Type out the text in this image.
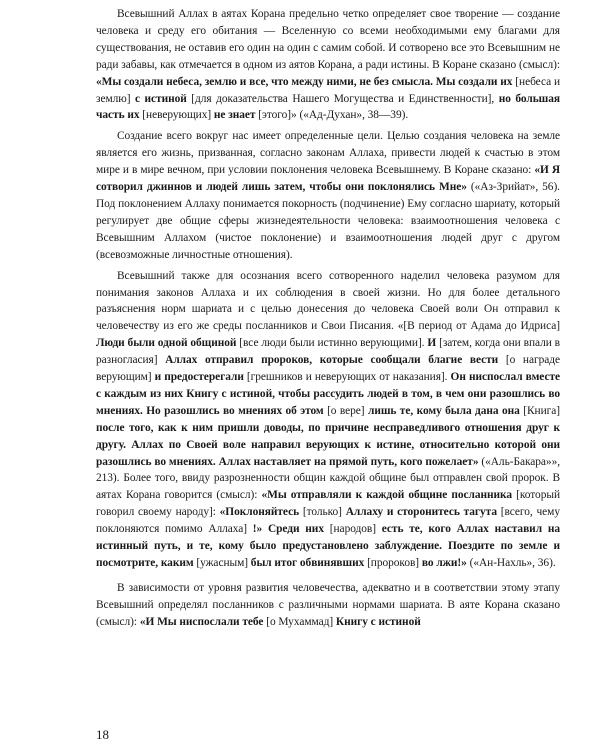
Всевышний Аллах в аятах Корана предельно четко определяет свое творение — создание человека и среду его обитания — Вселенную со всеми необходимыми ему благами для существования, не оставив его один на один с самим собой. И сотворено все это Всевышним не ради забавы, как отмечается в одном из аятов Корана, а ради истины. В Коране сказано (смысл): «Мы создали небеса, землю и все, что между ними, не без смысла. Мы создали их [небеса и землю] с истиной [для доказательства Нашего Могущества и Единственности], но большая часть их [неверующих] не знает [этого]» («Ад-Духан», 38—39).

Создание всего вокруг нас имеет определенные цели. Целью создания человека на земле является его жизнь, призванная, согласно законам Аллаха, привести людей к счастью в этом мире и в мире вечном, при условии поклонения человека Всевышнему. В Коране сказано: «И Я сотворил джиннов и людей лишь затем, чтобы они поклонялись Мне» («Аз-Зрийат», 56). Под поклонением Аллаху понимается покорность (подчинение) Ему согласно шариату, который регулирует две общие сферы жизнедеятельности человека: взаимоотношения человека с Всевышним Аллахом (чистое поклонение) и взаимоотношения людей друг с другом (всевозможные личностные отношения).

Всевышний также для осознания всего сотворенного наделил человека разумом для понимания законов Аллаха и их соблюдения в своей жизни. Но для более детального разъяснения норм шариата и с целью донесения до человека Своей воли Он отправил к человечеству из его же среды посланников и Свои Писания. «[В период от Адама до Идриса] Люди были одной общиной [все люди были истинно верующими]. И [затем, когда они впали в разногласия] Аллах отправил пророков, которые сообщали благие вести [о награде верующим] и предостерегали [грешников и неверующих от наказания]. Он ниспослал вместе с каждым из них Книгу с истиной, чтобы рассудить людей в том, в чем они разошлись во мнениях. Но разошлись во мнениях об этом [о вере] лишь те, кому была дана она [Книга] после того, как к ним пришли доводы, по причине несправедливого отношения друг к другу. Аллах по Своей воле направил верующих к истине, относительно которой они разошлись во мнениях. Аллах наставляет на прямой путь, кого пожелает» («Аль-Бакара»», 213). Более того, ввиду разрозненности общин каждой общине был отправлен свой пророк. В аятах Корана говорится (смысл): «Мы отправляли к каждой общине посланника [который говорил своему народу]: «Поклоняйтесь [только] Аллаху и сторонитесь тагута [всего, чему поклоняются помимо Аллаха] !» Среди них [народов] есть те, кого Аллах наставил на истинный путь, и те, кому было предустановлено заблуждение. Поездите по земле и посмотрите, каким [ужасным] был итог обвинявших [пророков] во лжи!» («Ан-Нахль», 36).

В зависимости от уровня развития человечества, адекватно и в соответствии этому этапу Всевышний определял посланников с различными нормами шариата. В аяте Корана сказано (смысл): «И Мы ниспослали тебе [о Мухаммад] Книгу с истиной

18
